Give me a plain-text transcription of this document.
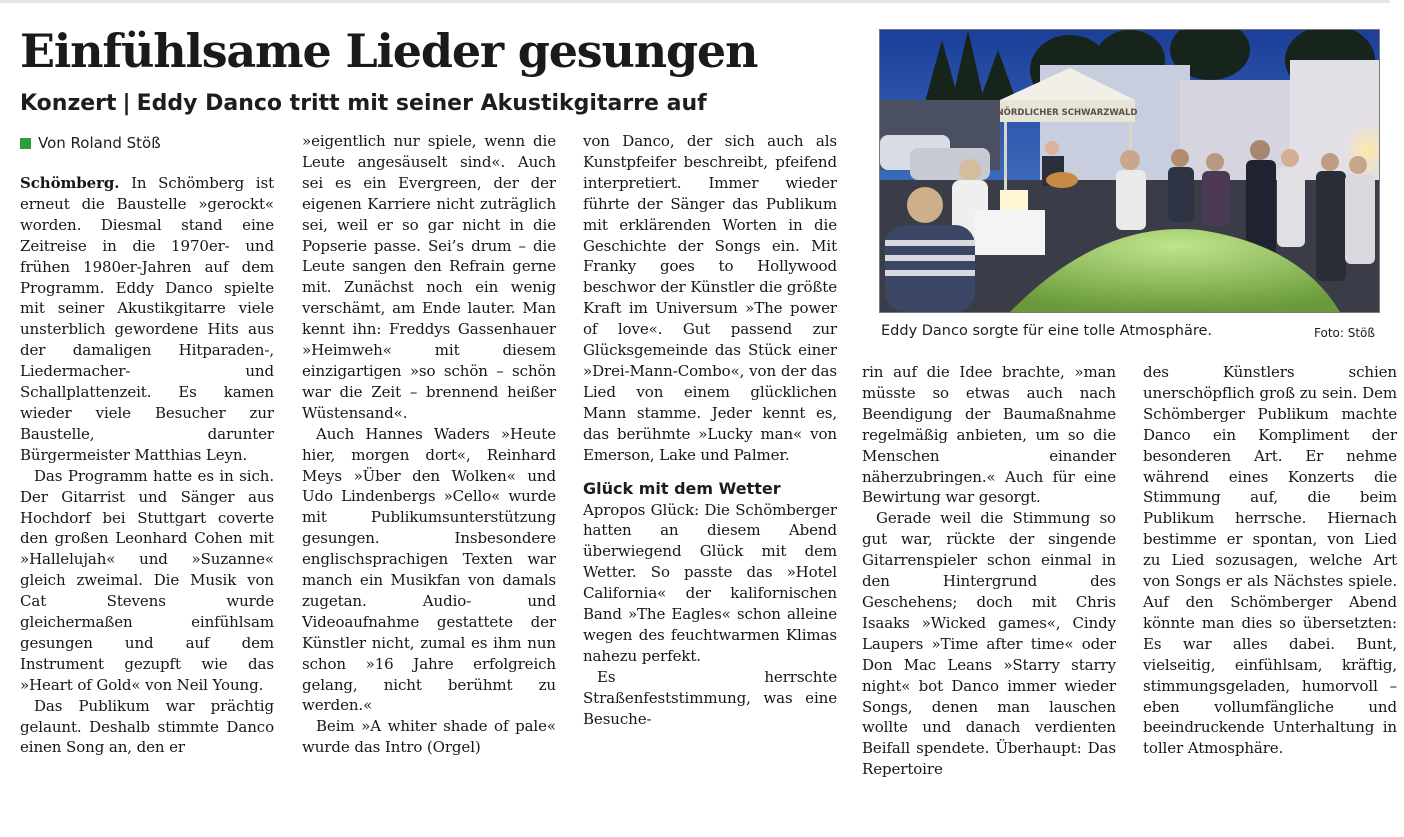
Einfühlsame Lieder gesungen
Konzert | Eddy Danco tritt mit seiner Akustikgitarre auf
Von Roland Stöß

Schömberg. In Schömberg ist erneut die Baustelle »gerockt« worden. Diesmal stand eine Zeitreise in die 1970er- und frühen 1980er-Jahren auf dem Programm. Eddy Danco spielte mit seiner Akustikgitarre viele unsterblich gewordene Hits aus der damaligen Hitparaden-, Liedermacher- und Schallplattenzeit. Es kamen wieder viele Besucher zur Baustelle, darunter Bürgermeister Matthias Leyn.

Das Programm hatte es in sich. Der Gitarrist und Sänger aus Hochdorf bei Stuttgart coverte den großen Leonhard Cohen mit »Hallelujah« und »Suzanne« gleich zweimal. Die Musik von Cat Stevens wurde gleichermaßen einfühlsam gesungen und auf dem Instrument gezupft wie das »Heart of Gold« von Neil Young.

Das Publikum war prächtig gelaunt. Deshalb stimmte Danco einen Song an, den er

»eigentlich nur spiele, wenn die Leute angesäuselt sind«. Auch sei es ein Evergreen, der der eigenen Karriere nicht zuträglich sei, weil er so gar nicht in die Popserie passe. Sei’s drum – die Leute sangen den Refrain gerne mit. Zunächst noch ein wenig verschämt, am Ende lauter. Man kennt ihn: Freddys Gassenhauer »Heimweh« mit diesem einzigartigen »so schön – schön war die Zeit – brennend heißer Wüstensand«.

Auch Hannes Waders »Heute hier, morgen dort«, Reinhard Meys »Über den Wolken« und Udo Lindenbergs »Cello« wurde mit Publikumsunterstützung gesungen. Insbesondere englischsprachigen Texten war manch ein Musikfan von damals zugetan. Audio- und Videoaufnahme gestattete der Künstler nicht, zumal es ihm nun schon »16 Jahre erfolgreich gelang, nicht berühmt zu werden.«

Beim »A whiter shade of pale« wurde das Intro (Orgel)

von Danco, der sich auch als Kunstpfeifer beschreibt, pfeifend interpretiert. Immer wieder führte der Sänger das Publikum mit erklärenden Worten in die Geschichte der Songs ein. Mit Franky goes to Hollywood beschwor der Künstler die größte Kraft im Universum »The power of love«. Gut passend zur Glücksgemeinde das Stück einer »Drei-Mann-Combo«, von der das Lied von einem glücklichen Mann stamme. Jeder kennt es, das berühmte »Lucky man« von Emerson, Lake und Palmer.

Glück mit dem Wetter

Apropos Glück: Die Schömberger hatten an diesem Abend überwiegend Glück mit dem Wetter. So passte das »Hotel California« der kalifornischen Band »The Eagles« schon alleine wegen des feuchtwarmen Klimas nahezu perfekt.

Es herrschte Straßenfeststimmung, was eine Besuche-

rin auf die Idee brachte, »man müsste so etwas auch nach Beendigung der Baumaßnahme regelmäßig anbieten, um so die Menschen einander näherzubringen.« Auch für eine Bewirtung war gesorgt.

Gerade weil die Stimmung so gut war, rückte der singende Gitarrenspieler schon einmal in den Hintergrund des Geschehens; doch mit Chris Isaaks »Wicked games«, Cindy Laupers »Time after time« oder Don Mac Leans »Starry starry night« bot Danco immer wieder Songs, denen man lauschen wollte und danach verdienten Beifall spendete. Überhaupt: Das Repertoire

des Künstlers schien unerschöpflich groß zu sein. Dem Schömberger Publikum machte Danco ein Kompliment der besonderen Art. Er nehme während eines Konzerts die Stimmung auf, die beim Publikum herrsche. Hiernach bestimme er spontan, von Lied zu Lied sozusagen, welche Art von Songs er als Nächstes spiele. Auf den Schömberger Abend könnte man dies so übersetzten: Es war alles dabei. Bunt, vielseitig, einfühlsam, kräftig, stimmungsgeladen, humorvoll – eben vollumfängliche und beeindruckende Unterhaltung in toller Atmosphäre.

NÖRDLICHER SCHWARZWALD
Eddy Danco sorgte für eine tolle Atmosphäre.	Foto: Stöß
